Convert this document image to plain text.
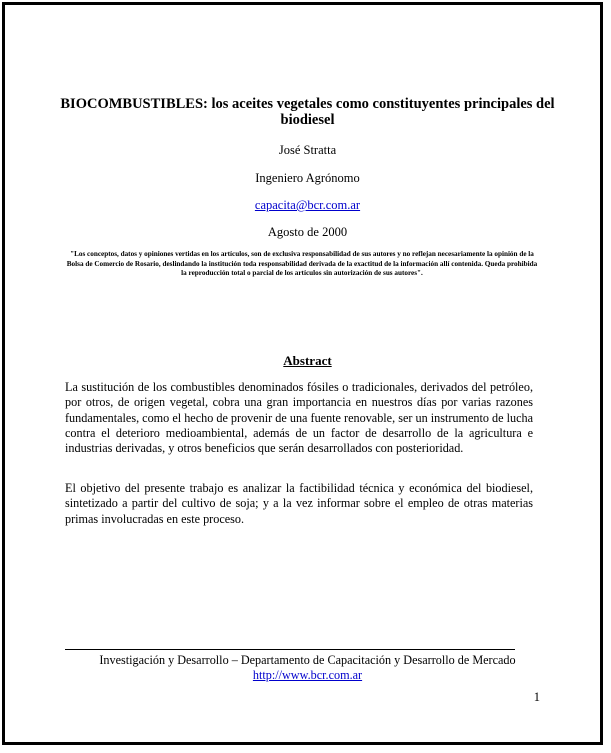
BIOCOMBUSTIBLES: los aceites vegetales como constituyentes principales del biodiesel
José Stratta
Ingeniero Agrónomo
capacita@bcr.com.ar
Agosto de 2000
"Los conceptos, datos y opiniones vertidas en los artículos, son de exclusiva responsabilidad de sus autores y no reflejan necesariamente la opinión de la Bolsa de Comercio de Rosario, deslindando la institución toda responsabilidad derivada de la exactitud de la información allí contenida. Queda prohibida la reproducción total o parcial de los artículos sin autorización de sus autores".
Abstract
La sustitución de los combustibles denominados fósiles o tradicionales, derivados del petróleo, por otros, de origen vegetal, cobra una gran importancia en nuestros días por varias razones fundamentales, como el hecho de provenir de una fuente renovable, ser un instrumento de lucha contra el deterioro medioambiental, además de un factor de desarrollo de la agricultura e industrias derivadas, y otros beneficios que serán desarrollados con posterioridad.
El objetivo del presente trabajo es analizar la factibilidad técnica y económica del biodiesel, sintetizado a partir del cultivo de soja; y a la vez informar sobre el empleo de otras materias primas involucradas en este proceso.
Investigación y Desarrollo – Departamento de Capacitación y Desarrollo de Mercado
http://www.bcr.com.ar
1
